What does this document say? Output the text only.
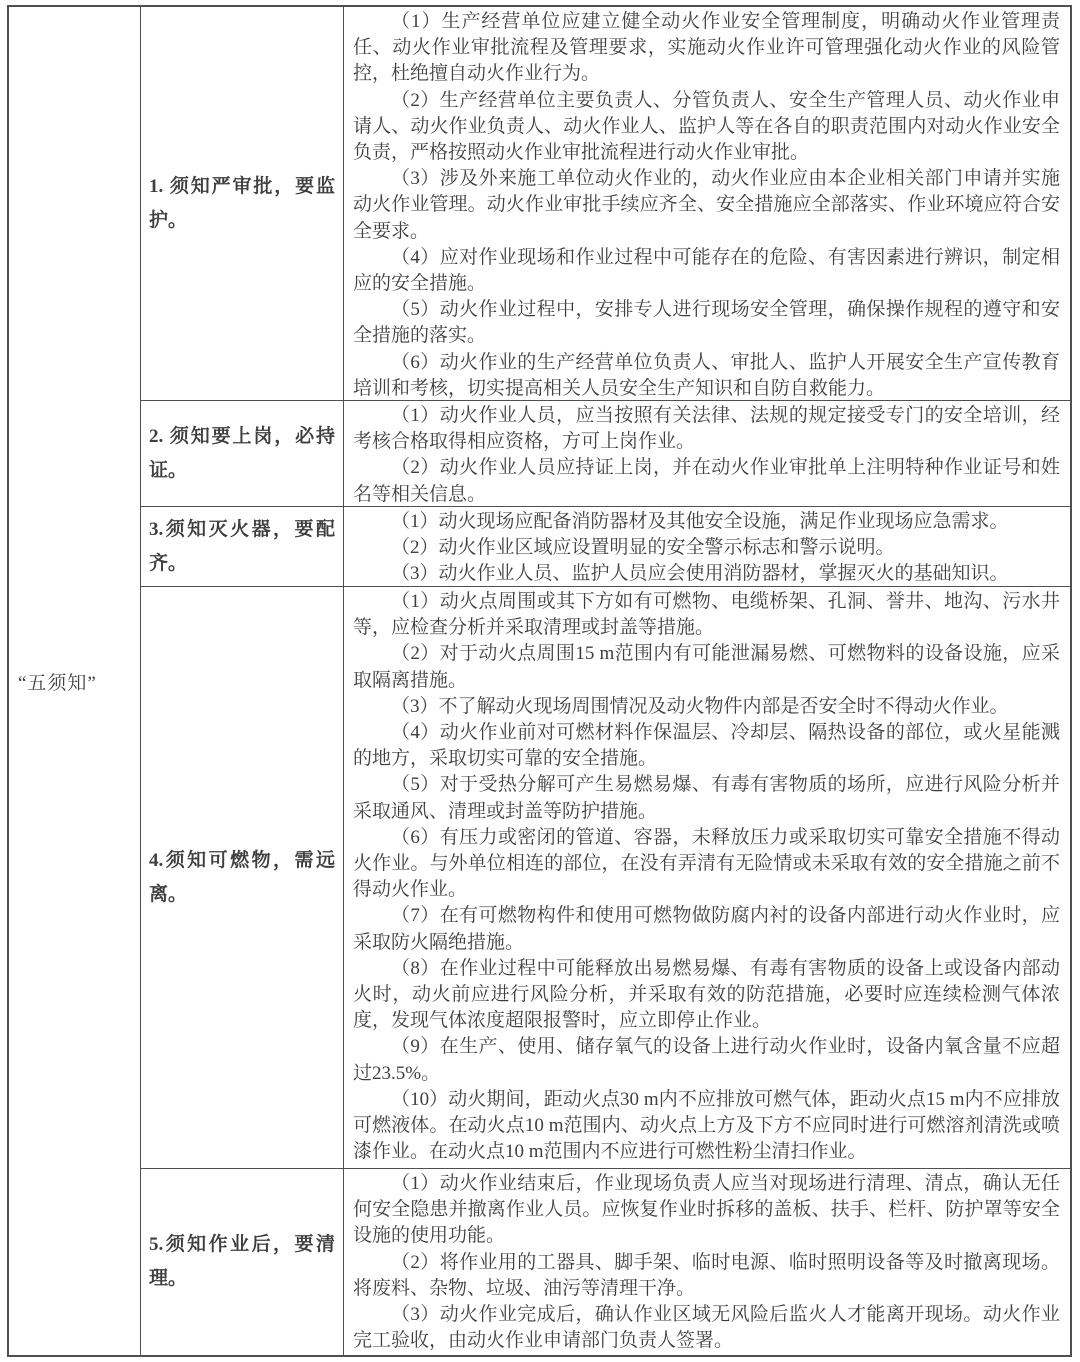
“五须知”
1. 须知严审批，要监护。

（1）生产经营单位应建立健全动火作业安全管理制度，明确动火作业管理责任、动火作业审批流程及管理要求，实施动火作业许可管理强化动火作业的风险管控，杜绝擅自动火作业行为。

（2）生产经营单位主要负责人、分管负责人、安全生产管理人员、动火作业申请人、动火作业负责人、动火作业人、监护人等在各自的职责范围内对动火作业安全负责，严格按照动火作业审批流程进行动火作业审批。

（3）涉及外来施工单位动火作业的，动火作业应由本企业相关部门申请并实施动火作业管理。动火作业审批手续应齐全、安全措施应全部落实、作业环境应符合安全要求。

（4）应对作业现场和作业过程中可能存在的危险、有害因素进行辨识，制定相应的安全措施。

（5）动火作业过程中，安排专人进行现场安全管理，确保操作规程的遵守和安全措施的落实。

（6）动火作业的生产经营单位负责人、审批人、监护人开展安全生产宣传教育培训和考核，切实提高相关人员安全生产知识和自防自救能力。

2. 须知要上岗，必持证。

（1）动火作业人员，应当按照有关法律、法规的规定接受专门的安全培训，经考核合格取得相应资格，方可上岗作业。

（2）动火作业人员应持证上岗，并在动火作业审批单上注明特种作业证号和姓名等相关信息。

3.须知灭火器，要配齐。

（1）动火现场应配备消防器材及其他安全设施，满足作业现场应急需求。

（2）动火作业区域应设置明显的安全警示标志和警示说明。

（3）动火作业人员、监护人员应会使用消防器材，掌握灭火的基础知识。

4.须知可燃物，需远离。

（1）动火点周围或其下方如有可燃物、电缆桥架、孔洞、誉井、地沟、污水井等，应检查分析并采取清理或封盖等措施。

（2）对于动火点周围15 m范围内有可能泄漏易燃、可燃物料的设备设施，应采取隔离措施。

（3）不了解动火现场周围情况及动火物件内部是否安全时不得动火作业。

（4）动火作业前对可燃材料作保温层、冷却层、隔热设备的部位，或火星能溅的地方，采取切实可靠的安全措施。

（5）对于受热分解可产生易燃易爆、有毒有害物质的场所，应进行风险分析并采取通风、清理或封盖等防护措施。

（6）有压力或密闭的管道、容器，未释放压力或采取切实可靠安全措施不得动火作业。与外单位相连的部位，在没有弄清有无险情或未采取有效的安全措施之前不得动火作业。

（7）在有可燃物构件和使用可燃物做防腐内衬的设备内部进行动火作业时，应采取防火隔绝措施。

（8）在作业过程中可能释放出易燃易爆、有毒有害物质的设备上或设备内部动火时，动火前应进行风险分析，并采取有效的防范措施，必要时应连续检测气体浓度，发现气体浓度超限报警时，应立即停止作业。

（9）在生产、使用、储存氧气的设备上进行动火作业时，设备内氧含量不应超过23.5%。

（10）动火期间，距动火点30 m内不应排放可燃气体，距动火点15 m内不应排放可燃液体。在动火点10 m范围内、动火点上方及下方不应同时进行可燃溶剂清洗或喷漆作业。在动火点10 m范围内不应进行可燃性粉尘清扫作业。

5.须知作业后，要清理。

（1）动火作业结束后，作业现场负责人应当对现场进行清理、清点，确认无任何安全隐患并撤离作业人员。应恢复作业时拆移的盖板、扶手、栏杆、防护罩等安全设施的使用功能。

（2）将作业用的工器具、脚手架、临时电源、临时照明设备等及时撤离现场。将废料、杂物、垃圾、油污等清理干净。

（3）动火作业完成后，确认作业区域无风险后监火人才能离开现场。动火作业完工验收，由动火作业申请部门负责人签署。
